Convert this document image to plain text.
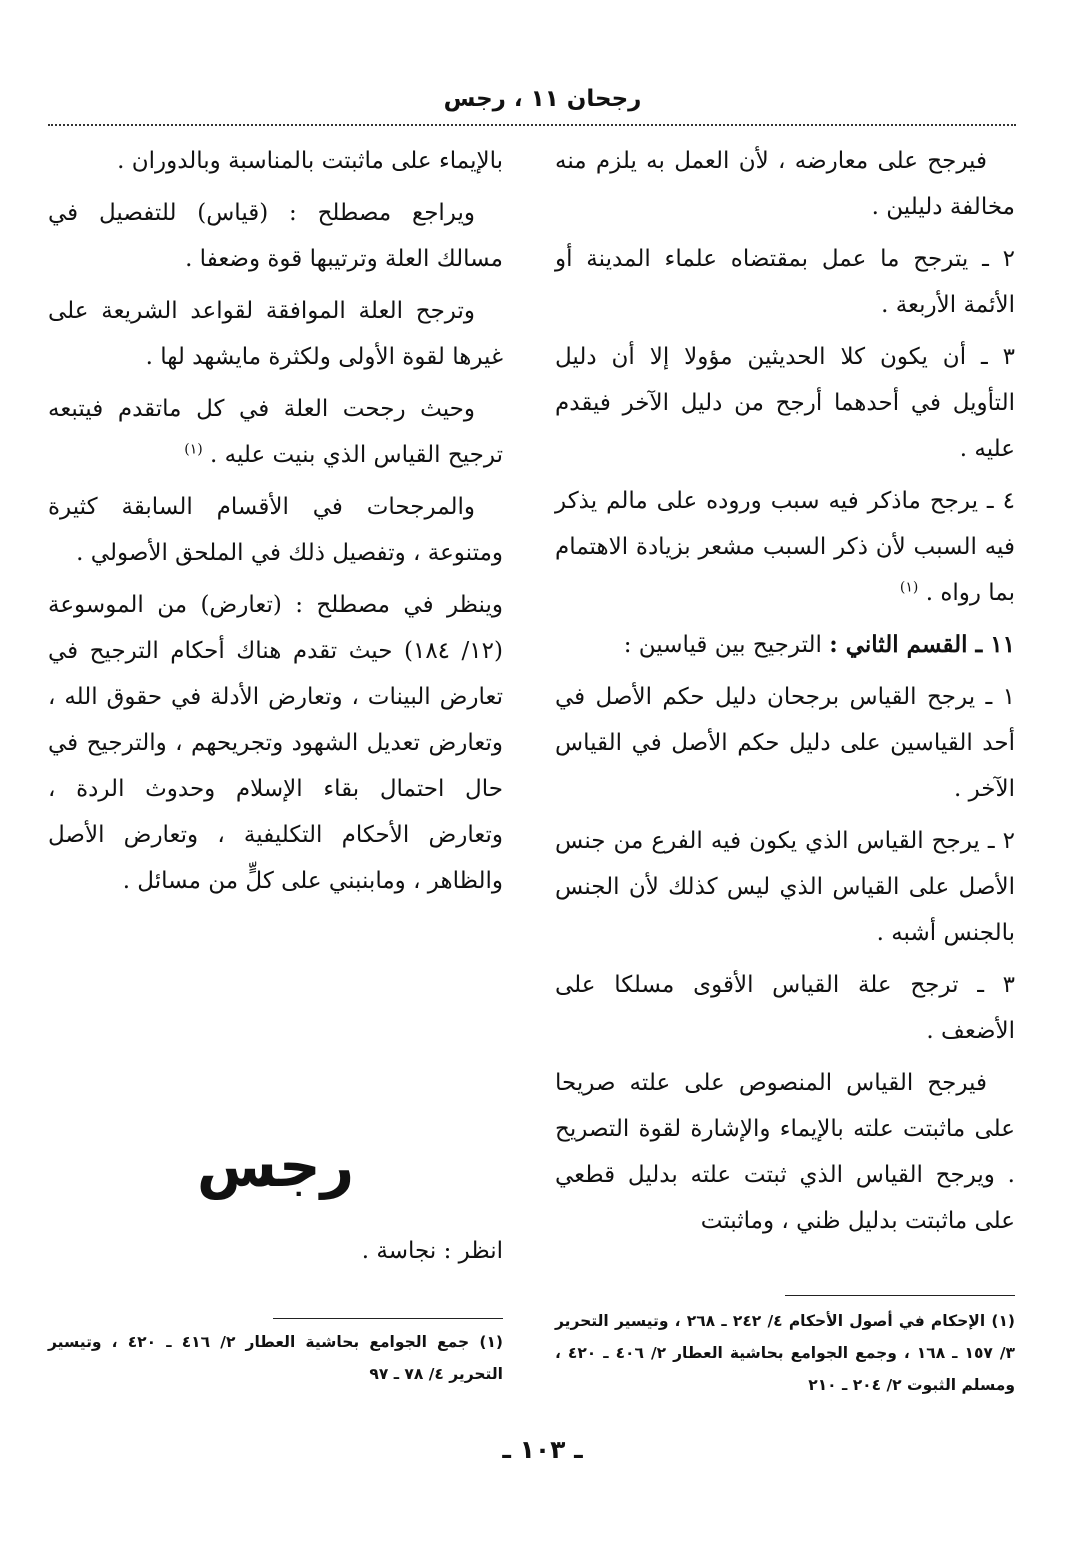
رجحان ١١ ، رجس

فيرجح على معارضه ، لأن العمل به يلزم منه مخالفة دليلين .

٢ ـ يترجح ما عمل بمقتضاه علماء المدينة أو الأئمة الأربعة .

٣ ـ أن يكون كلا الحديثين مؤولا إلا أن دليل التأويل في أحدهما أرجح من دليل الآخر فيقدم عليه .

٤ ـ يرجح ماذكر فيه سبب وروده على مالم يذكر فيه السبب لأن ذكر السبب مشعر بزيادة الاهتمام بما رواه . $^{(١)}$

١١ ـ القسم الثاني : الترجيح بين قياسين :

١ ـ يرجح القياس برجحان دليل حكم الأصل في أحد القياسين على دليل حكم الأصل في القياس الآخر .

٢ ـ يرجح القياس الذي يكون فيه الفرع من جنس الأصل على القياس الذي ليس كذلك لأن الجنس بالجنس أشبه .

٣ ـ ترجح علة القياس الأقوى مسلكا على الأضعف .

فيرجح القياس المنصوص على علته صريحا على ماثبتت علته بالإيماء والإشارة لقوة التصريح . ويرجح القياس الذي ثبتت علته بدليل قطعي على ماثبتت بدليل ظني ، وماثبتت

بالإيماء على ماثبتت بالمناسبة وبالدوران .

ويراجع مصطلح : (قياس) للتفصيل في مسالك العلة وترتيبها قوة وضعفا .

وترجح العلة الموافقة لقواعد الشريعة على غيرها لقوة الأولى ولكثرة مايشهد لها .

وحيث رجحت العلة في كل ماتقدم فيتبعه ترجيح القياس الذي بنيت عليه . $^{(١)}$

والمرجحات في الأقسام السابقة كثيرة ومتنوعة ، وتفصيل ذلك في الملحق الأصولي .

وينظر في مصطلح : (تعارض) من الموسوعة (١٢/ ١٨٤) حيث تقدم هناك أحكام الترجيح في تعارض البينات ، وتعارض الأدلة في حقوق الله ، وتعارض تعديل الشهود وتجريحهم ، والترجيح في حال احتمال بقاء الإسلام وحدوث الردة ، وتعارض الأحكام التكليفية ، وتعارض الأصل والظاهر ، ومابنبني على كلٍّ من مسائل .

رجس
انظر : نجاسة .
(١) الإحكام في أصول الأحكام ٤/ ٢٤٢ ـ ٢٦٨ ، وتيسير التحرير ٣/ ١٥٧ ـ ١٦٨ ، وجمع الجوامع بحاشية العطار ٢/ ٤٠٦ ـ ٤٢٠ ، ومسلم الثبوت ٢/ ٢٠٤ ـ ٢١٠
(١) جمع الجوامع بحاشية العطار ٢/ ٤١٦ ـ ٤٢٠ ، وتيسير التحرير ٤/ ٧٨ ـ ٩٧
ـ ١٠٣ ـ
